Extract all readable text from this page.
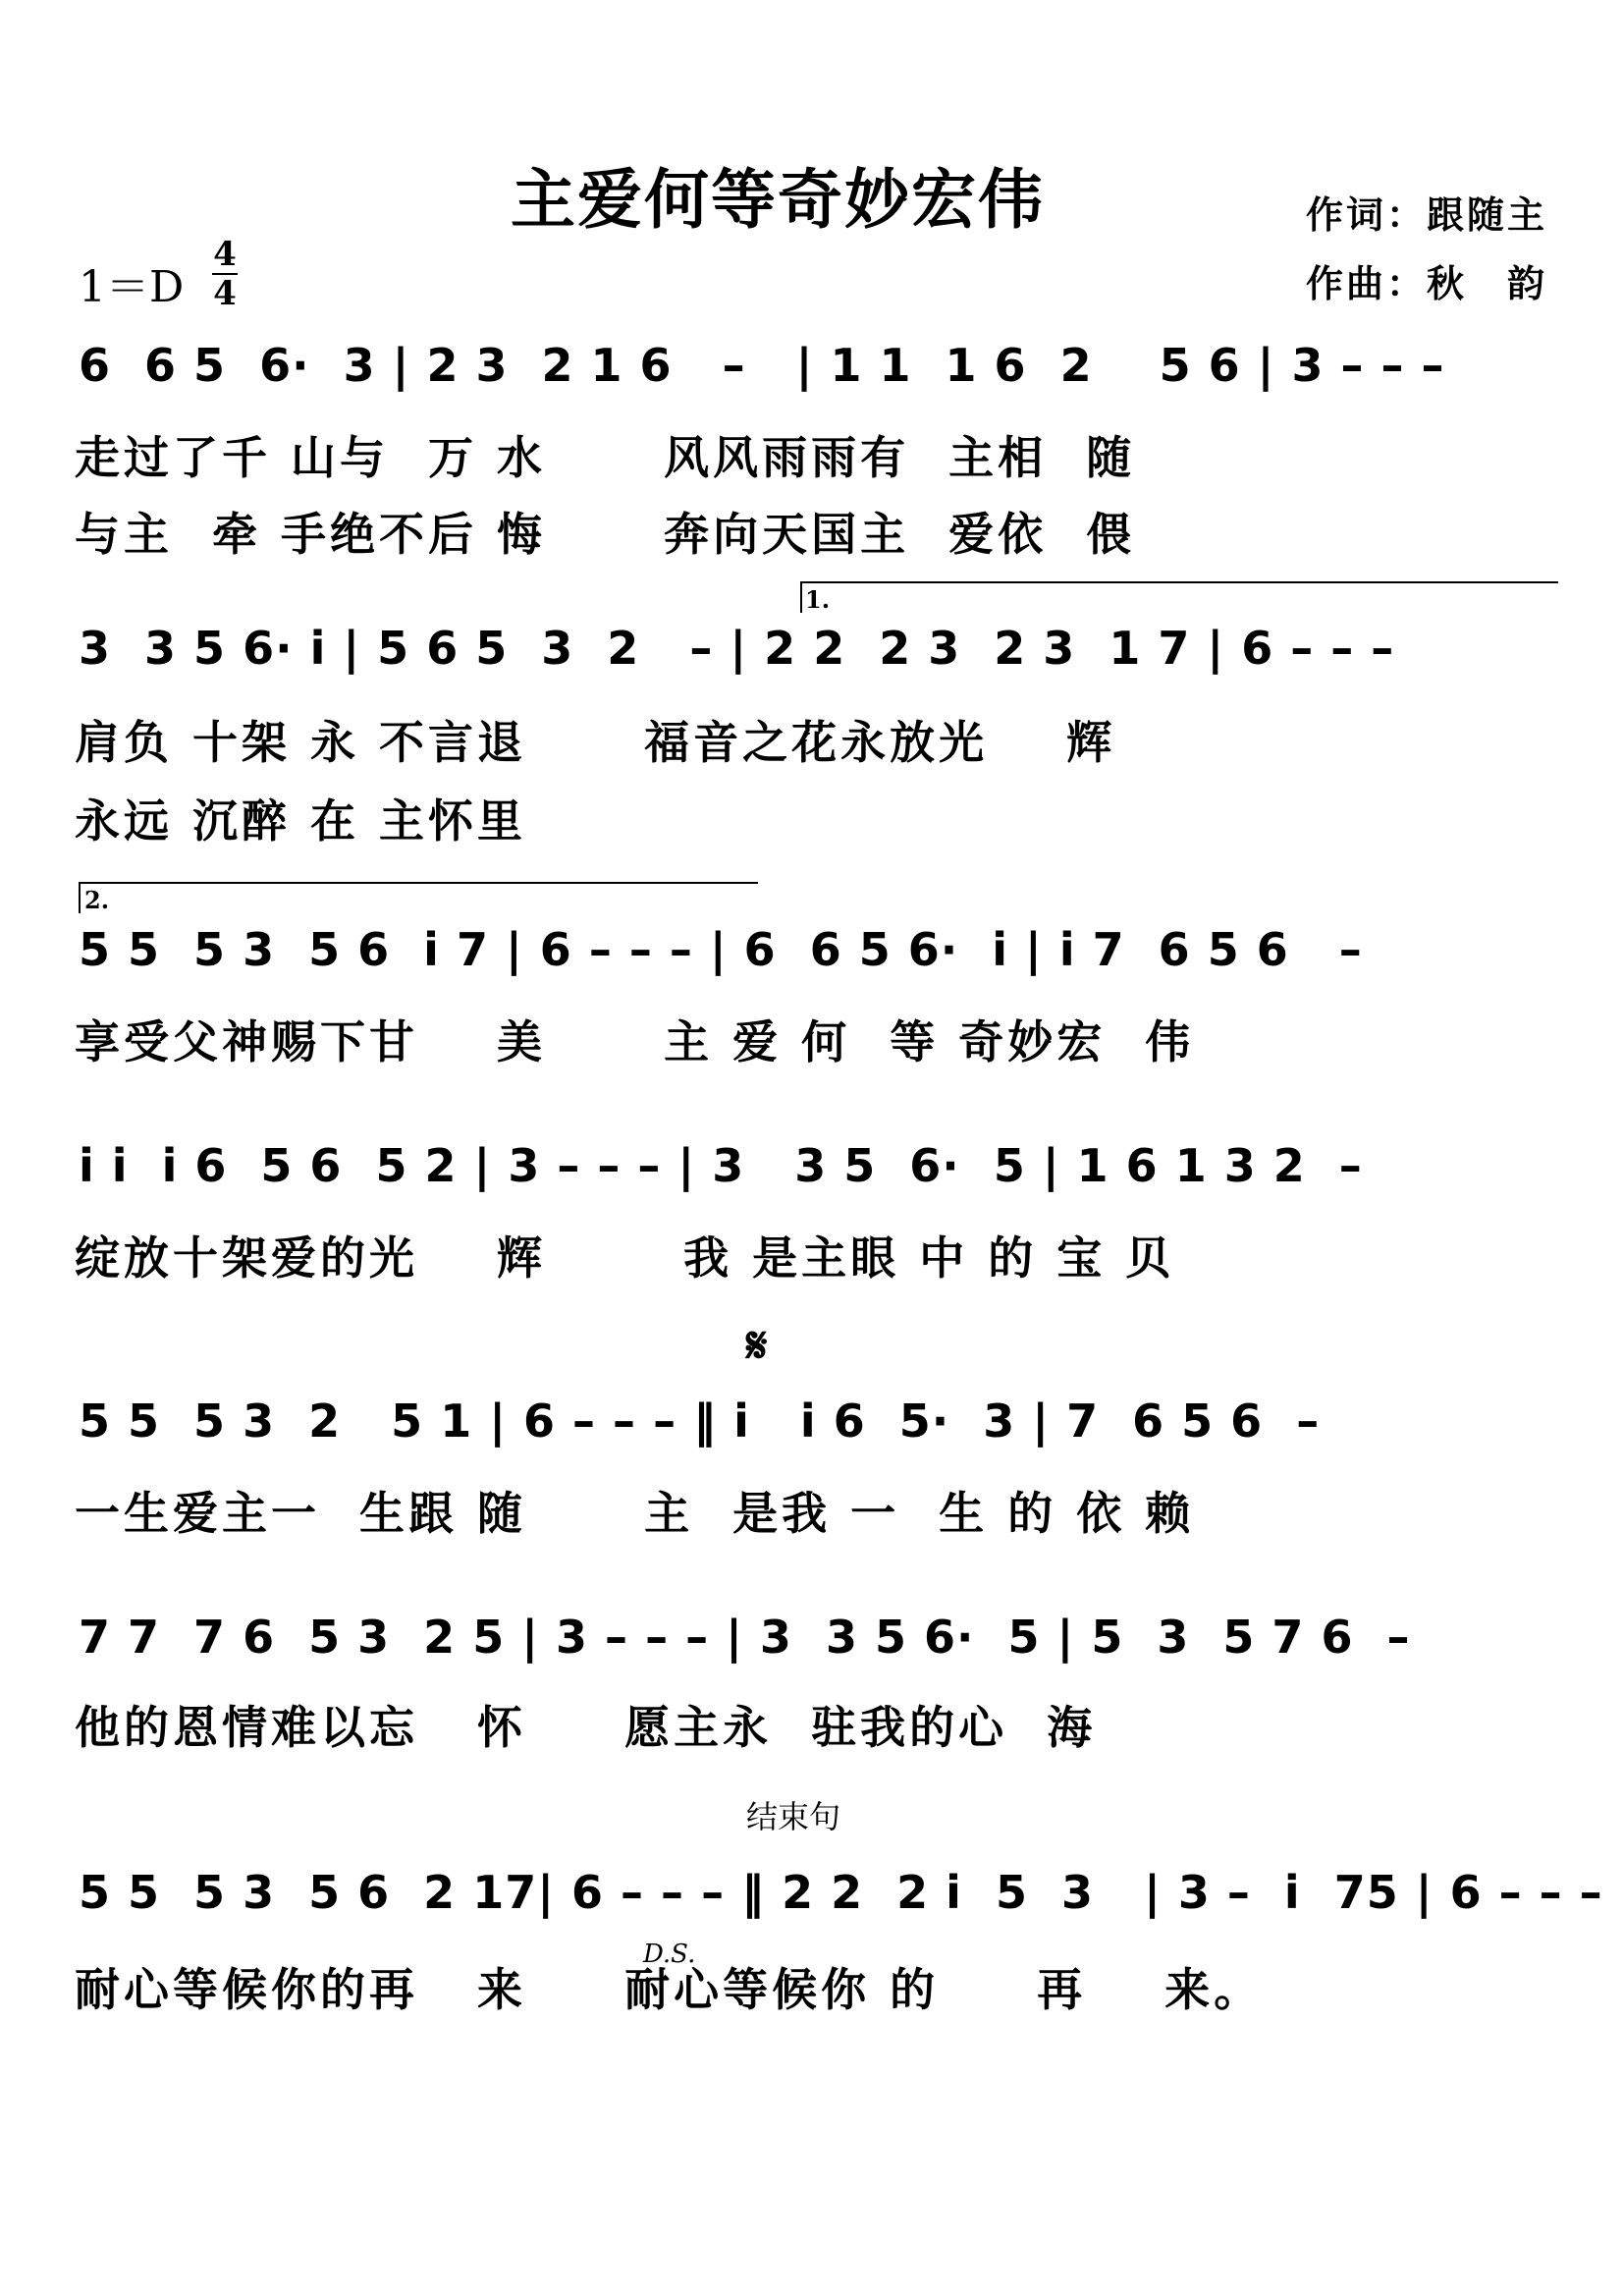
主爱何等奇妙宏伟	作词：跟随主
作曲：秋　韵
1＝D
4
4
6  6 5  6·  3 | 2 3  2 1 6   –   | 1 1  1 6  2    5 6 | 3 – – –
走过了千 山与  万 水      风风雨雨有  主相  随
与主  牵 手绝不后 悔      奔向天国主  爱依  偎
1.
3  3 5 6· i | 5 6 5  3  2   – | 2 2  2 3  2 3  1 7 | 6 – – –
肩负 十架 永 不言退      福音之花永放光    辉
永远 沉醉 在 主怀里
2.
5 5  5 3  5 6  i 7 | 6 – – – | 6  6 5 6·  i | i 7  6 5 6   –
享受父神赐下甘    美      主 爱 何  等 奇妙宏  伟
i i  i 6  5 6  5 2 | 3 – – – | 3   3 5  6·  5 | 1 6 1 3 2  –
绽放十架爱的光    辉       我 是主眼 中 的 宝 贝
𝄋
5 5  5 3  2   5 1 | 6 – – – ‖ i   i 6  5·  3 | 7  6 5 6  –
一生爱主一  生跟 随      主  是我 一  生 的 依 赖
7 7  7 6  5 3  2 5 | 3 – – – | 3  3 5 6·  5 | 5  3  5 7 6  –
他的恩情难以忘   怀     愿主永  驻我的心  海
结束句
5 5  5 3  5 6  2 17| 6 – – – ‖ 2 2  2 i  5  3   | 3 –  i  75 | 6 – – –
D.S.
耐心等候你的再   来     耐心等候你 的     再    来。
